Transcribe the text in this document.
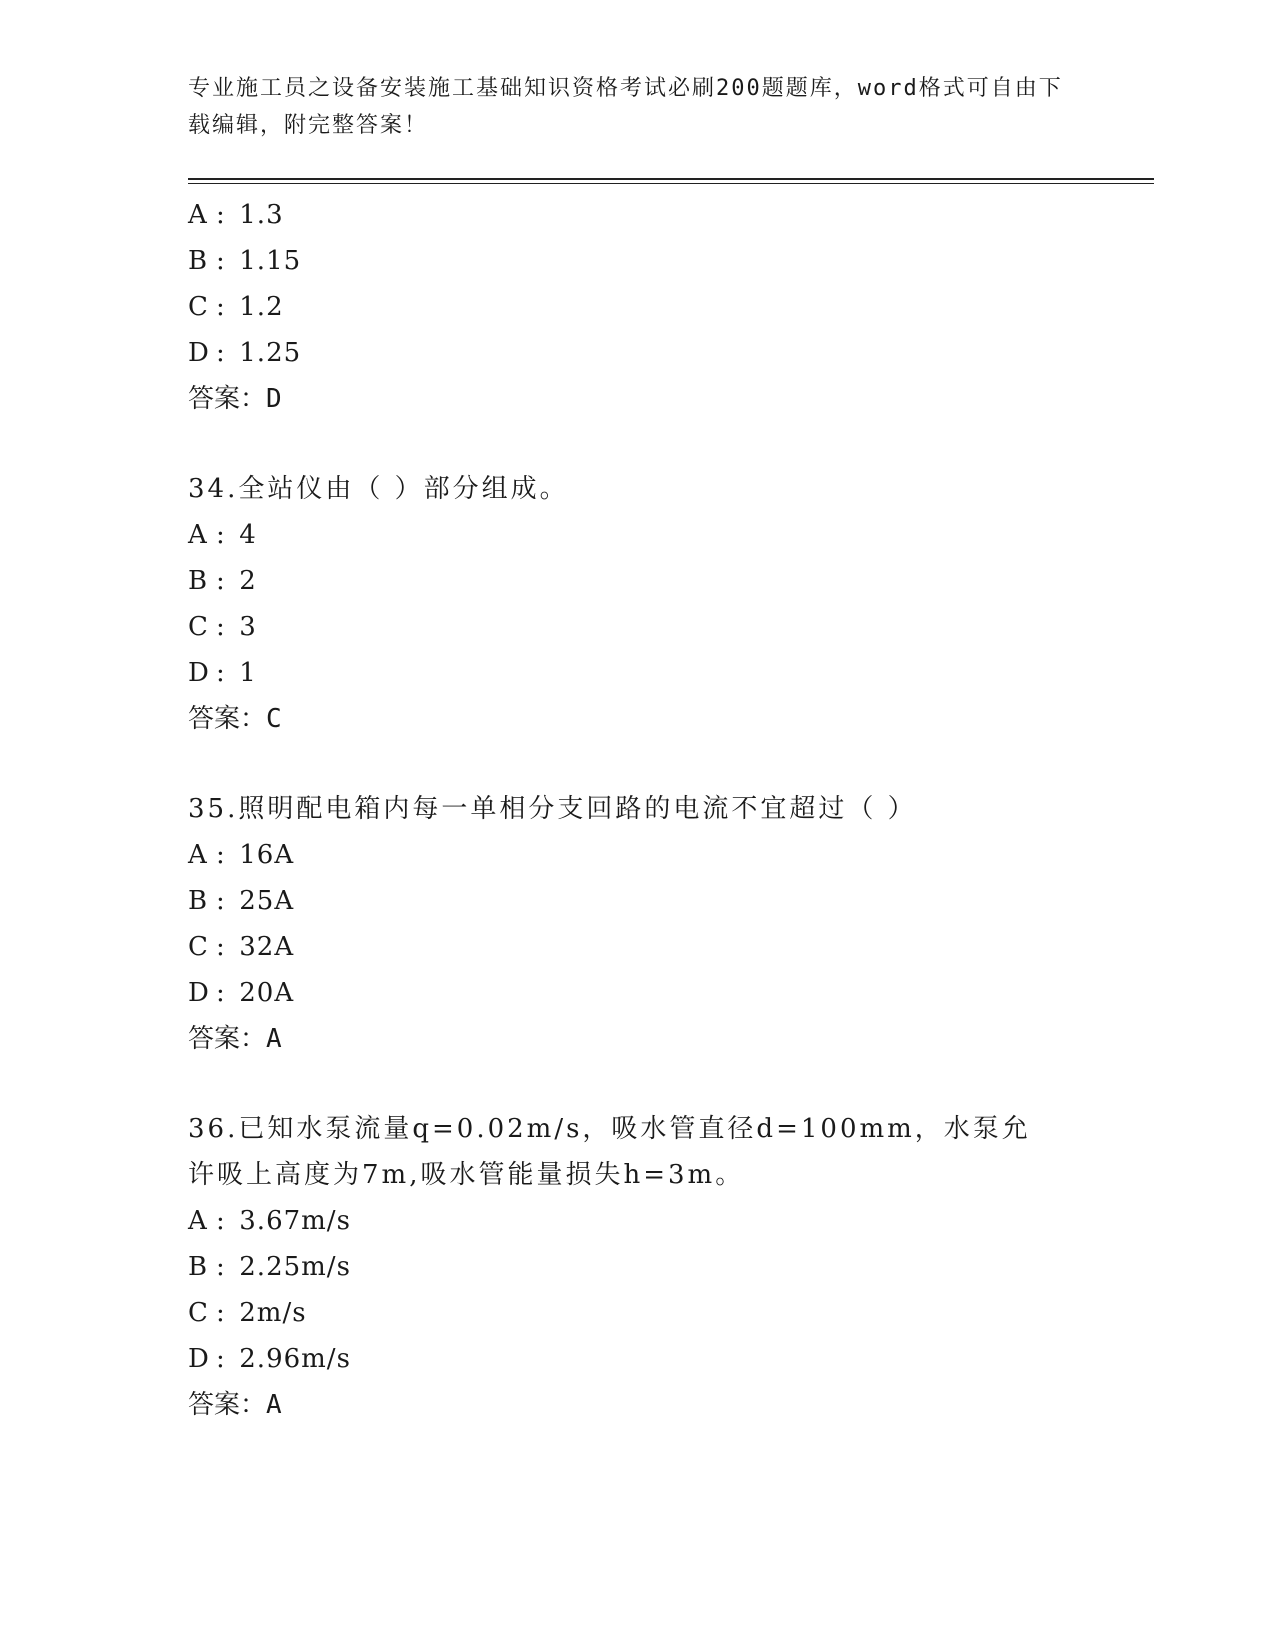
专业施工员之设备安装施工基础知识资格考试必刷200题题库，word格式可自由下载编辑，附完整答案！
A : 1.3
B : 1.15
C : 1.2
D : 1.25
答案：D
34.全站仪由（ ）部分组成。
A : 4
B : 2
C : 3
D : 1
答案：C
35.照明配电箱内每一单相分支回路的电流不宜超过（ ）
A : 16A
B : 25A
C : 32A
D : 20A
答案：A
36.已知水泵流量q=0.02m/s，吸水管直径d=100mm，水泵允许吸上高度为7m,吸水管能量损失h=3m。
A : 3.67m/s
B : 2.25m/s
C : 2m/s
D : 2.96m/s
答案：A
